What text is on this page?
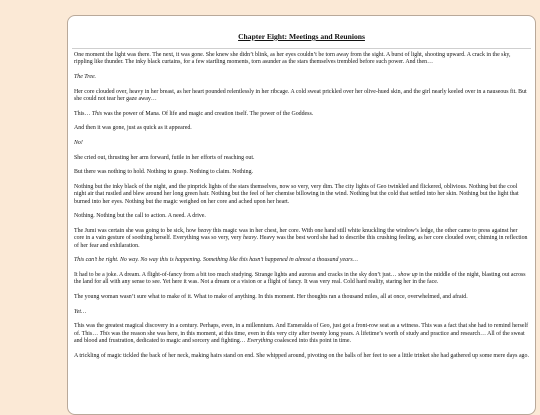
Chapter Eight: Meetings and Reunions

One moment the light was there. The next, it was gone. She knew she didn’t blink, as her eyes couldn’t be torn away from the sight. A burst of light, shooting upward. A crack in the sky, rippling like thunder. The inky black curtains, for a few startling moments, torn asunder as the stars themselves trembled before such power. And then…

The Tree.

Her core clouded over, heavy in her breast, as her heart pounded relentlessly in her ribcage. A cold sweat prickled over her olive-hued skin, and the girl nearly keeled over in a nauseous fit. But she could not tear her gaze away…

This… This was the power of Mana. Of life and magic and creation itself. The power of the Goddess.

And then it was gone, just as quick as it appeared.

No!

She cried out, thrusting her arm forward, futile in her efforts of reaching out.

But there was nothing to hold. Nothing to grasp. Nothing to claim. Nothing.

Nothing but the inky black of the night, and the pinprick lights of the stars themselves, now so very, very dim. The city lights of Geo twinkled and flickered, oblivious. Nothing but the cool night air that rustled and blew around her long green hair. Nothing but the feel of her chemise billowing in the wind. Nothing but the cold that settled into her skin. Nothing but the light that burned into her eyes. Nothing but the magic weighed on her core and ached upon her heart.

Nothing. Nothing but the call to action. A need. A drive.

The Jumi was certain she was going to be sick, how heavy this magic was in her chest, her core. With one hand still white knuckling the window’s ledge, the other came to press against her core in a vain gesture of soothing herself. Everything was so very, very heavy. Heavy was the best word she had to describe this crushing feeling, as her core clouded over, chiming in reflection of her fear and exhilaration.

This can’t be right. No way. No way this is happening. Something like this hasn’t happened in almost a thousand years…

It had to be a joke. A dream. A flight-of-fancy from a bit too much studying. Strange lights and auroras and cracks in the sky don’t just… show up in the middle of the night, blasting out across the land for all with any sense to see. Yet here it was. Not a dream or a vision or a flight of fancy. It was very real. Cold hard reality, staring her in the face.

The young woman wasn’t sure what to make of it. What to make of anything. In this moment. Her thoughts ran a thousand miles, all at once, overwhelmed, and afraid.

Yet…

This was the greatest magical discovery in a century. Perhaps, even, in a millennium. And Esmeralda of Geo, just got a front-row seat as a witness. This was a fact that she had to remind herself of. This… This was the reason she was here, in this moment, at this time, even in this very city after twenty long years. A lifetime’s worth of study and practice and research… All of the sweat and blood and frustration, dedicated to magic and sorcery and fighting… Everything coalesced into this point in time.

A trickling of magic tickled the back of her neck, making hairs stand on end. She whipped around, pivoting on the balls of her feet to see a little trinket she had gathered up some mere days ago.
